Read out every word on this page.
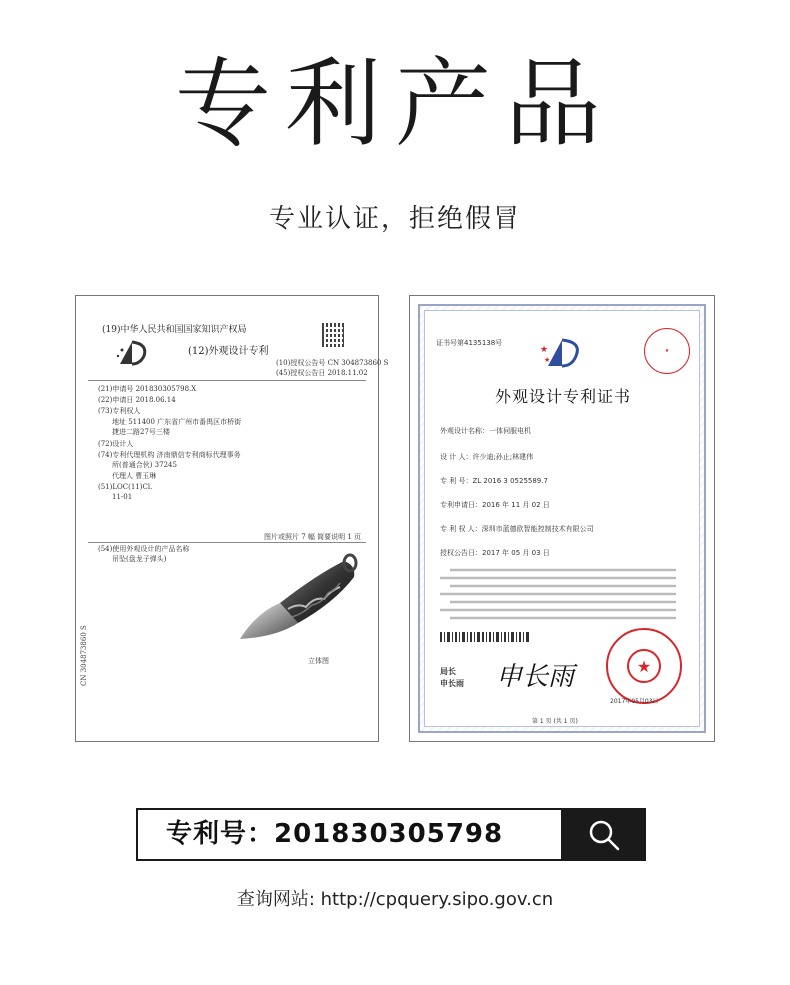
专利产品
专业认证，拒绝假冒
(19)中华人民共和国国家知识产权局
(12)外观设计专利
(10)授权公告号 CN 304873860 S
(45)授权公告日 2018.11.02
(21)申请号 201830305798.X
(22)申请日 2018.06.14
(73)专利权人
地址 511400 广东省广州市番禺区市桥街
捷进二路27号三楼
(72)设计人
(74)专利代理机构 济南鼎信专利商标代理事务
所(普通合伙) 37245
代理人 曹玉琳
(51)LOC(11)Cl.
11-01
图片或照片 7 幅 简要说明 1 页
(54)使用外观设计的产品名称
吊坠(盘龙子弹头)
立体图
CN 304873860 S
证书号第4135138号
★
★
★
外观设计专利证书
外观设计名称：一体伺服电机
设 计 人：许少迪;孙止;林建伟
专 利 号：ZL 2016 3 0525589.7
专利申请日：2016 年 11 月 02 日
专 利 权 人：深圳市蓝德欧智能控制技术有限公司
授权公告日：2017 年 05 月 03 日
局长
申长雨 申长雨	★
2017年05月03日
第 1 页 (共 1 页)
专利号：201830305798
查询网站: http://cpquery.sipo.gov.cn
